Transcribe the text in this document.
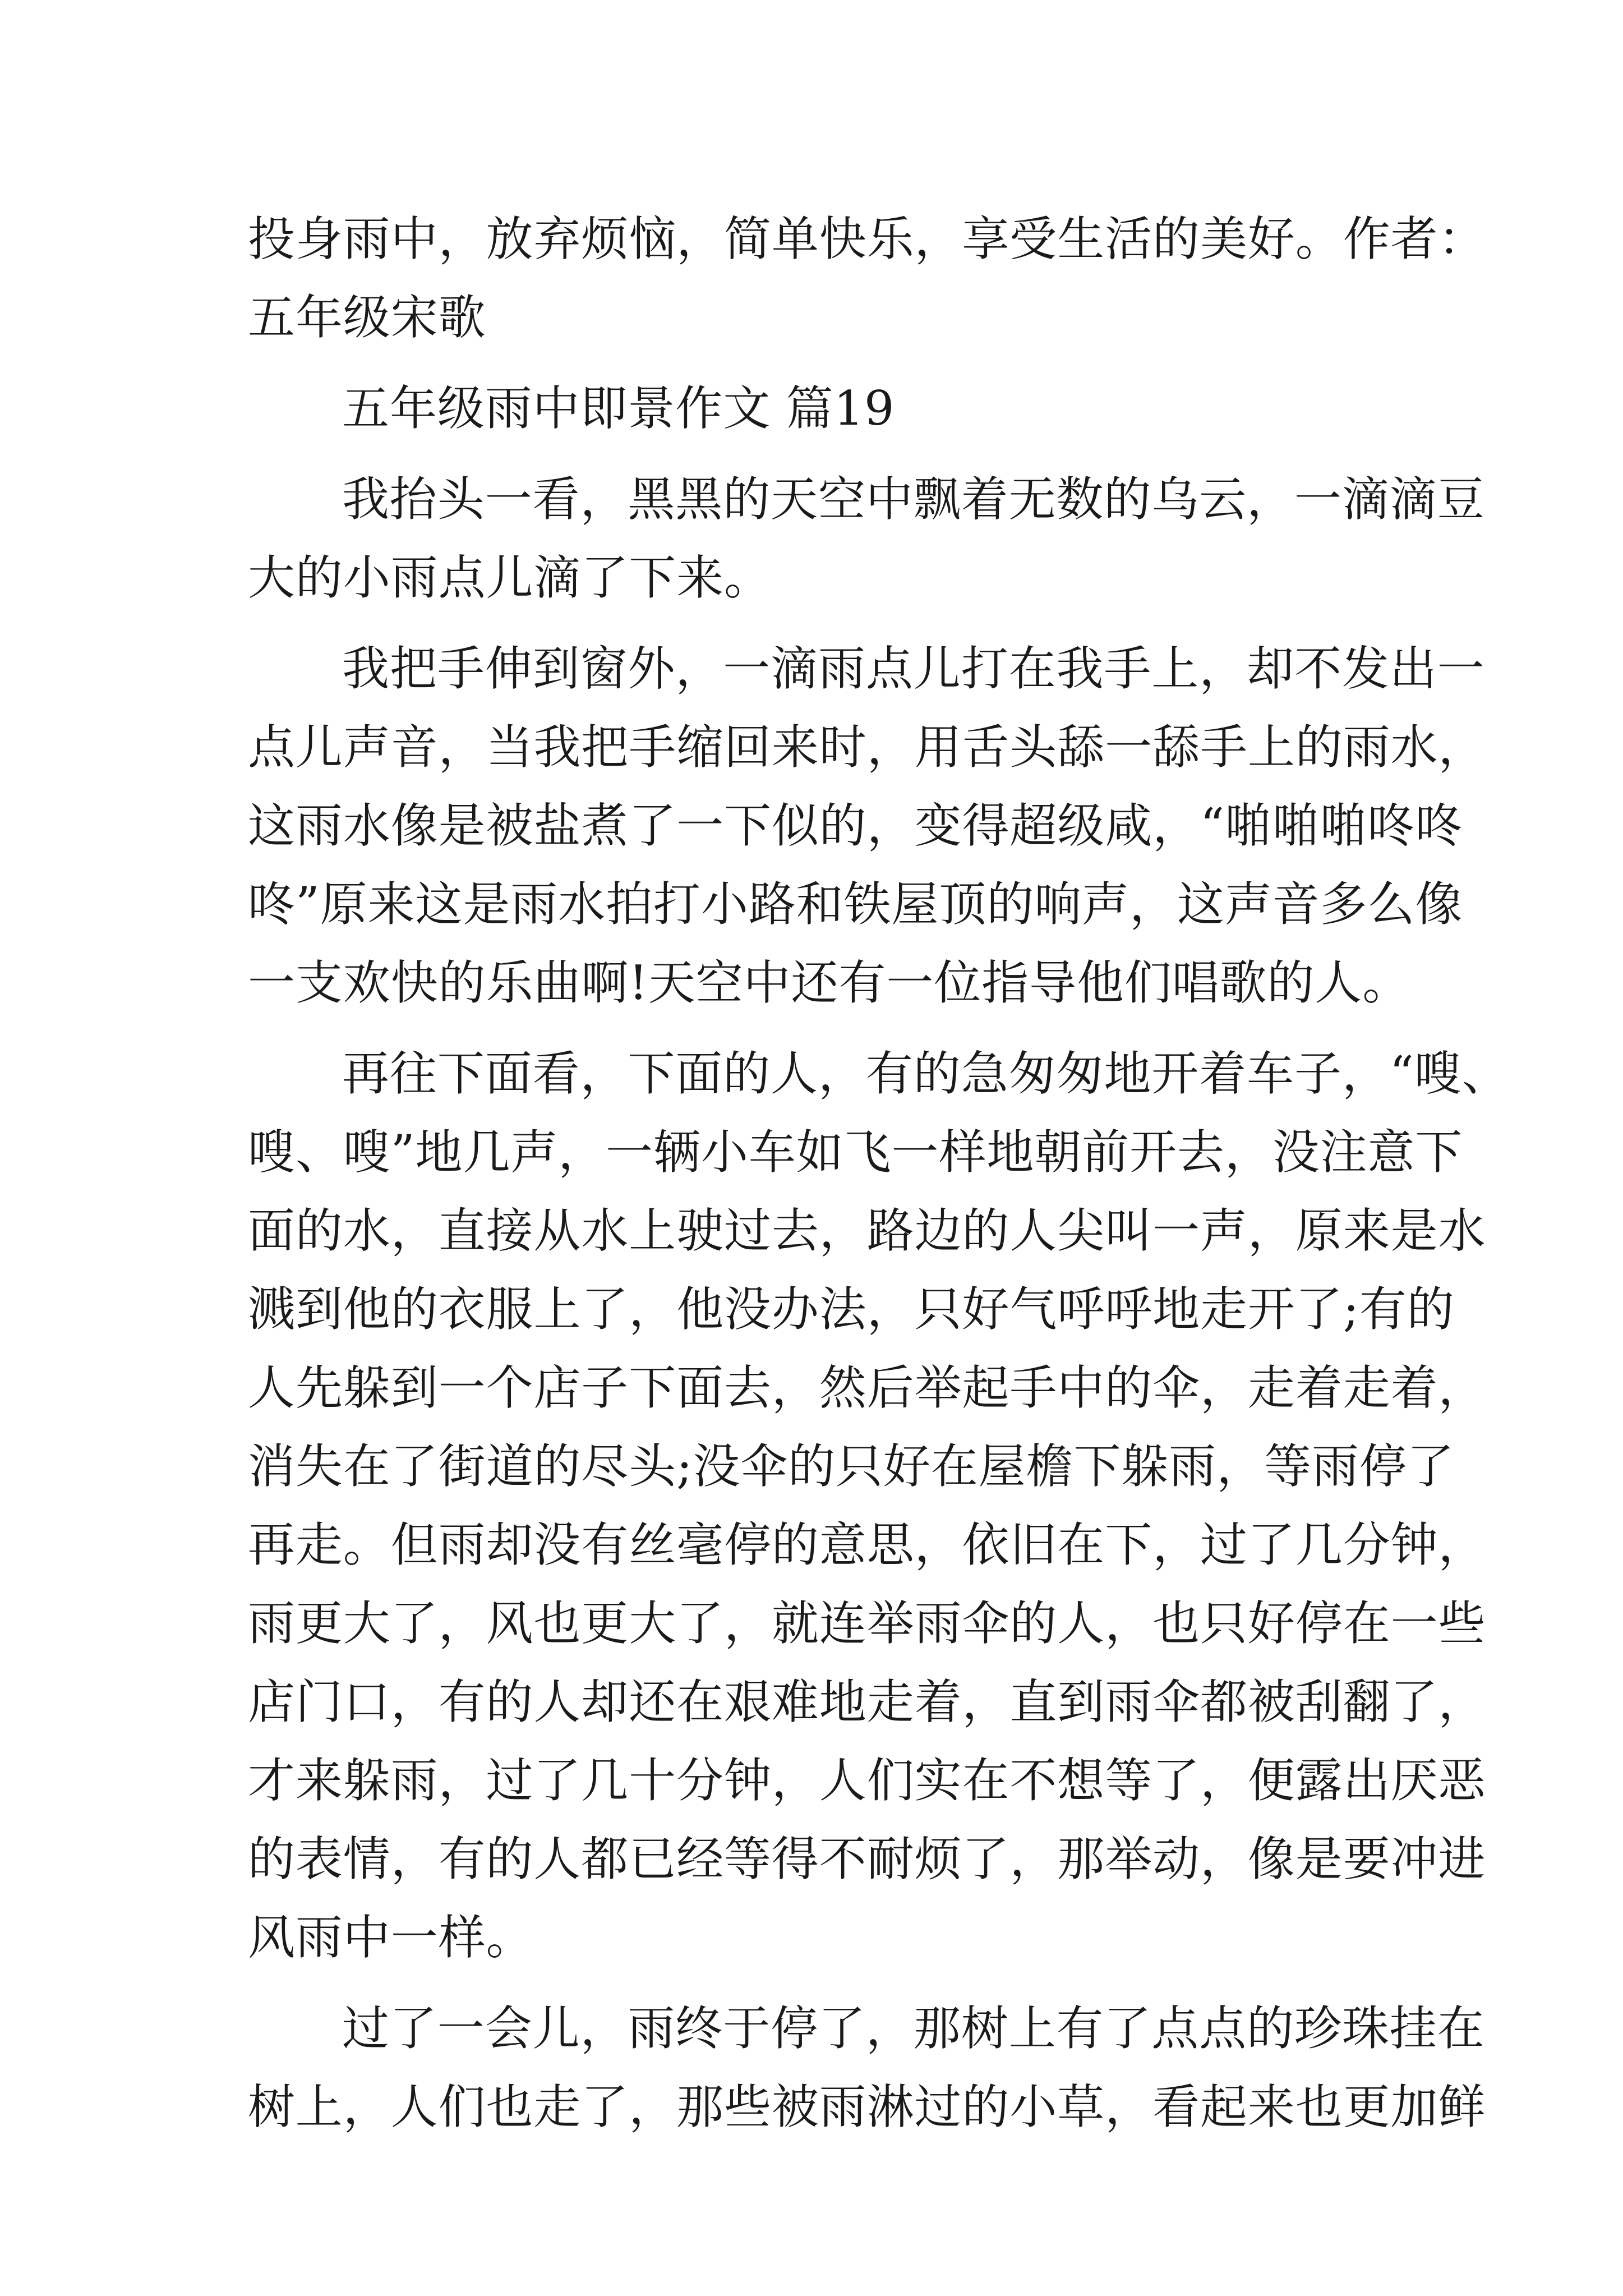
投身雨中，放弃烦恼，简单快乐，享受生活的美好。作者：
五年级宋歌
五年级雨中即景作文 篇19
我抬头一看，黑黑的天空中飘着无数的乌云，一滴滴豆
大的小雨点儿滴了下来。
我把手伸到窗外，一滴雨点儿打在我手上，却不发出一
点儿声音，当我把手缩回来时，用舌头舔一舔手上的雨水，
这雨水像是被盐煮了一下似的，变得超级咸，“啪啪啪咚咚
咚”原来这是雨水拍打小路和铁屋顶的响声，这声音多么像
一支欢快的乐曲啊!天空中还有一位指导他们唱歌的人。
再往下面看，下面的人，有的急匆匆地开着车子，“嗖、
嗖、嗖”地几声，一辆小车如飞一样地朝前开去，没注意下
面的水，直接从水上驶过去，路边的人尖叫一声，原来是水
溅到他的衣服上了，他没办法，只好气呼呼地走开了;有的
人先躲到一个店子下面去，然后举起手中的伞，走着走着，
消失在了街道的尽头;没伞的只好在屋檐下躲雨，等雨停了
再走。但雨却没有丝毫停的意思，依旧在下，过了几分钟，
雨更大了，风也更大了，就连举雨伞的人，也只好停在一些
店门口，有的人却还在艰难地走着，直到雨伞都被刮翻了，
才来躲雨，过了几十分钟，人们实在不想等了，便露出厌恶
的表情，有的人都已经等得不耐烦了，那举动，像是要冲进
风雨中一样。
过了一会儿，雨终于停了，那树上有了点点的珍珠挂在
树上，人们也走了，那些被雨淋过的小草，看起来也更加鲜
